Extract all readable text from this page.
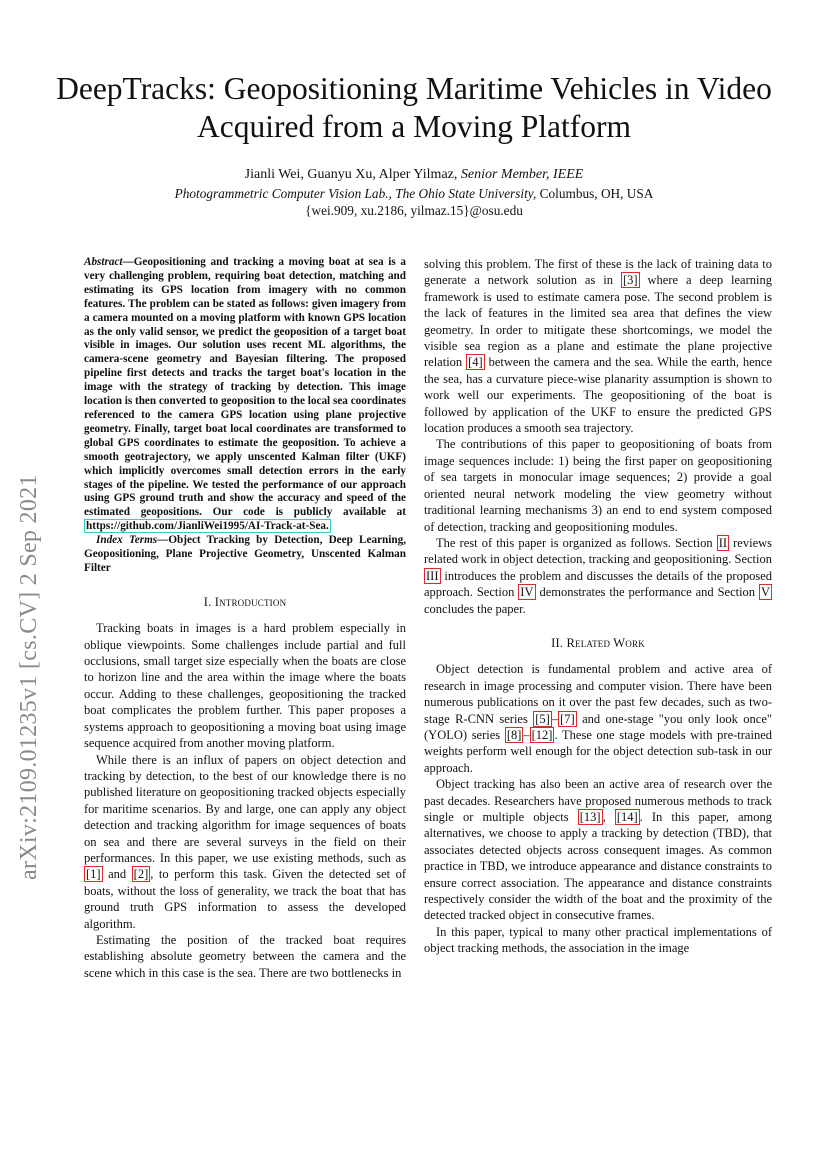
arXiv:2109.01235v1 [cs.CV] 2 Sep 2021
DeepTracks: Geopositioning Maritime Vehicles in Video Acquired from a Moving Platform
Jianli Wei, Guanyu Xu, Alper Yilmaz, Senior Member, IEEE
Photogrammetric Computer Vision Lab., The Ohio State University, Columbus, OH, USA
{wei.909, xu.2186, yilmaz.15}@osu.edu

Abstract—Geopositioning and tracking a moving boat at sea is a very challenging problem, requiring boat detection, matching and estimating its GPS location from imagery with no common features. The problem can be stated as follows: given imagery from a camera mounted on a moving platform with known GPS location as the only valid sensor, we predict the geoposition of a target boat visible in images. Our solution uses recent ML algorithms, the camera-scene geometry and Bayesian filtering. The proposed pipeline first detects and tracks the target boat's location in the image with the strategy of tracking by detection. This image location is then converted to geoposition to the local sea coordinates referenced to the camera GPS location using plane projective geometry. Finally, target boat local coordinates are transformed to global GPS coordinates to estimate the geoposition. To achieve a smooth geotrajectory, we apply unscented Kalman filter (UKF) which implicitly overcomes small detection errors in the early stages of the pipeline. We tested the performance of our approach using GPS ground truth and show the accuracy and speed of the estimated geopositions. Our code is publicly available at https://github.com/JianliWei1995/AI-Track-at-Sea.

Index Terms—Object Tracking by Detection, Deep Learning, Geopositioning, Plane Projective Geometry, Unscented Kalman Filter

I. Introduction

Tracking boats in images is a hard problem especially in oblique viewpoints. Some challenges include partial and full occlusions, small target size especially when the boats are close to horizon line and the area within the image where the boats occur. Adding to these challenges, geopositioning the tracked boat complicates the problem further. This paper proposes a systems approach to geopositioning a moving boat using image sequence acquired from another moving platform.

While there is an influx of papers on object detection and tracking by detection, to the best of our knowledge there is no published literature on geopositioning tracked objects especially for maritime scenarios. By and large, one can apply any object detection and tracking algorithm for image sequences of boats on sea and there are several surveys in the field on their performances. In this paper, we use existing methods, such as [1] and [2] , to perform this task. Given the detected set of boats, without the loss of generality, we track the boat that has ground truth GPS information to assess the developed algorithm.

Estimating the position of the tracked boat requires establishing absolute geometry between the camera and the scene which in this case is the sea. There are two bottlenecks in

solving this problem. The first of these is the lack of training data to generate a network solution as in [3] where a deep learning framework is used to estimate camera pose. The second problem is the lack of features in the limited sea area that defines the view geometry. In order to mitigate these shortcomings, we model the visible sea region as a plane and estimate the plane projective relation [4] between the camera and the sea. While the earth, hence the sea, has a curvature piece-wise planarity assumption is shown to work well our experiments. The geopositioning of the boat is followed by application of the UKF to ensure the predicted GPS location produces a smooth sea trajectory.

The contributions of this paper to geopositioning of boats from image sequences include: 1) being the first paper on geopositioning of sea targets in monocular image sequences; 2) provide a goal oriented neural network modeling the view geometry without traditional learning mechanisms 3) an end to end system composed of detection, tracking and geopositioning modules.

The rest of this paper is organized as follows. Section II reviews related work in object detection, tracking and geopositioning. Section III introduces the problem and discusses the details of the proposed approach. Section IV demonstrates the performance and Section V concludes the paper.

II. Related Work

Object detection is fundamental problem and active area of research in image processing and computer vision. There have been numerous publications on it over the past few decades, such as two-stage R-CNN series [5] – [7] and one-stage "you only look once" (YOLO) series [8] – [12] . These one stage models with pre-trained weights perform well enough for the object detection sub-task in our approach.

Object tracking has also been an active area of research over the past decades. Researchers have proposed numerous methods to track single or multiple objects [13] , [14] . In this paper, among alternatives, we choose to apply a tracking by detection (TBD), that associates detected objects across consequent images. As common practice in TBD, we introduce appearance and distance constraints to ensure correct association. The appearance and distance constraints respectively consider the width of the boat and the proximity of the detected tracked object in consecutive frames.

In this paper, typical to many other practical implementations of object tracking methods, the association in the image
